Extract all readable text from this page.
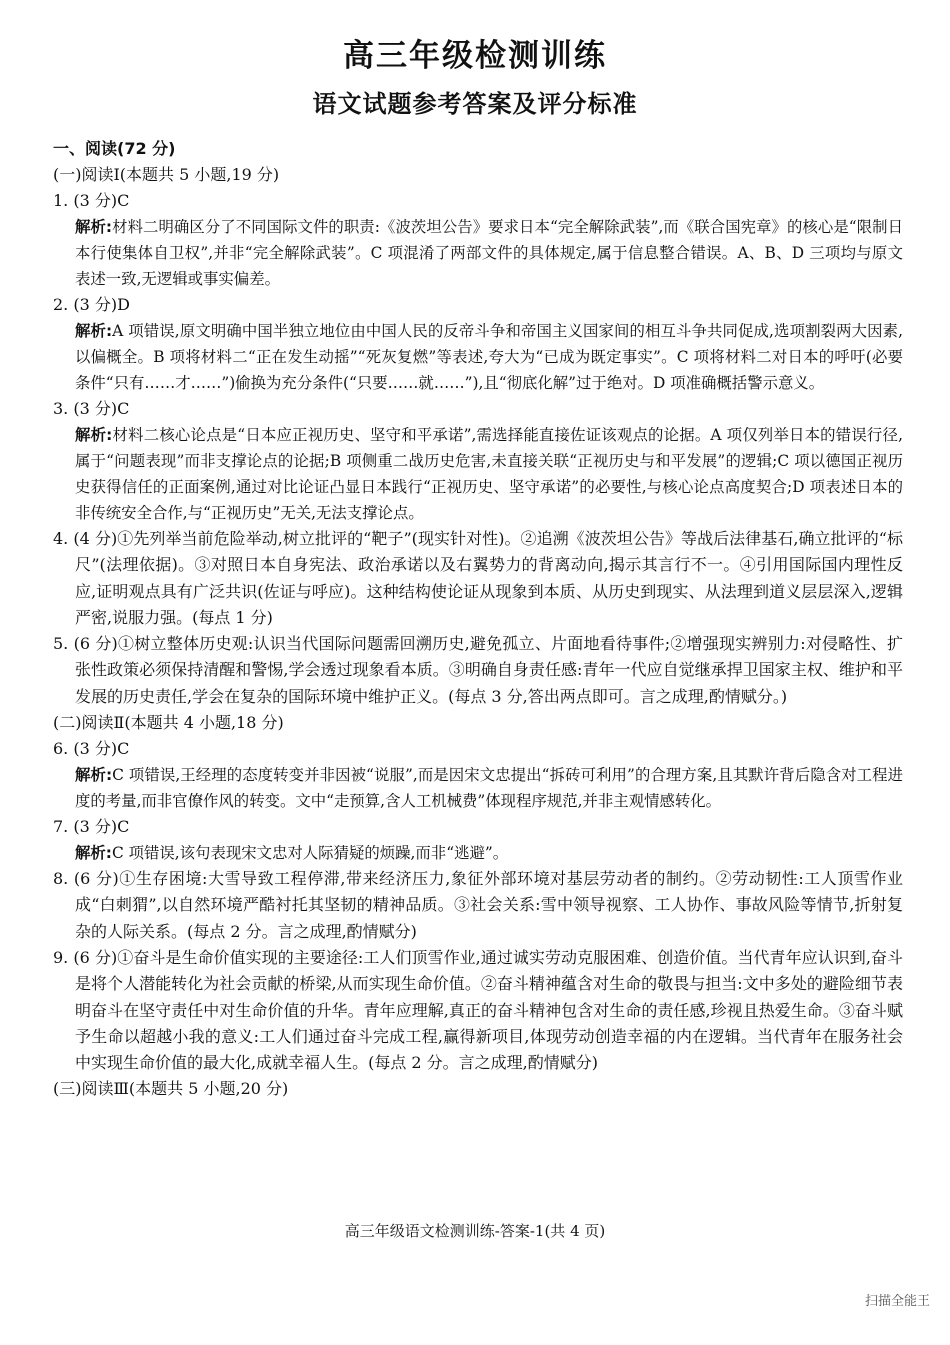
高三年级检测训练
语文试题参考答案及评分标准

一、阅读(72 分)

(一)阅读Ⅰ(本题共 5 小题,19 分)

1. (3 分)C

解析:材料二明确区分了不同国际文件的职责:《波茨坦公告》要求日本“完全解除武装”,而《联合国宪章》的核心是“限制日本行使集体自卫权”,并非“完全解除武装”。C 项混淆了两部文件的具体规定,属于信息整合错误。A、B、D 三项均与原文表述一致,无逻辑或事实偏差。

2. (3 分)D

解析:A 项错误,原文明确中国半独立地位由中国人民的反帝斗争和帝国主义国家间的相互斗争共同促成,选项割裂两大因素,以偏概全。B 项将材料二“正在发生动摇”“死灰复燃”等表述,夸大为“已成为既定事实”。C 项将材料二对日本的呼吁(必要条件“只有……才……”)偷换为充分条件(“只要……就……”),且“彻底化解”过于绝对。D 项准确概括警示意义。

3. (3 分)C

解析:材料二核心论点是“日本应正视历史、坚守和平承诺”,需选择能直接佐证该观点的论据。A 项仅列举日本的错误行径,属于“问题表现”而非支撑论点的论据;B 项侧重二战历史危害,未直接关联“正视历史与和平发展”的逻辑;C 项以德国正视历史获得信任的正面案例,通过对比论证凸显日本践行“正视历史、坚守承诺”的必要性,与核心论点高度契合;D 项表述日本的非传统安全合作,与“正视历史”无关,无法支撑论点。

4. (4 分)①先列举当前危险举动,树立批评的“靶子”(现实针对性)。②追溯《波茨坦公告》等战后法律基石,确立批评的“标尺”(法理依据)。③对照日本自身宪法、政治承诺以及右翼势力的背离动向,揭示其言行不一。④引用国际国内理性反应,证明观点具有广泛共识(佐证与呼应)。这种结构使论证从现象到本质、从历史到现实、从法理到道义层层深入,逻辑严密,说服力强。(每点 1 分)

5. (6 分)①树立整体历史观:认识当代国际问题需回溯历史,避免孤立、片面地看待事件;②增强现实辨别力:对侵略性、扩张性政策必须保持清醒和警惕,学会透过现象看本质。③明确自身责任感:青年一代应自觉继承捍卫国家主权、维护和平发展的历史责任,学会在复杂的国际环境中维护正义。(每点 3 分,答出两点即可。言之成理,酌情赋分。)

(二)阅读Ⅱ(本题共 4 小题,18 分)

6. (3 分)C

解析:C 项错误,王经理的态度转变并非因被“说服”,而是因宋文忠提出“拆砖可利用”的合理方案,且其默许背后隐含对工程进度的考量,而非官僚作风的转变。文中“走预算,含人工机械费”体现程序规范,并非主观情感转化。

7. (3 分)C

解析:C 项错误,该句表现宋文忠对人际猜疑的烦躁,而非“逃避”。

8. (6 分)①生存困境:大雪导致工程停滞,带来经济压力,象征外部环境对基层劳动者的制约。②劳动韧性:工人顶雪作业成“白刺猬”,以自然环境严酷衬托其坚韧的精神品质。③社会关系:雪中领导视察、工人协作、事故风险等情节,折射复杂的人际关系。(每点 2 分。言之成理,酌情赋分)

9. (6 分)①奋斗是生命价值实现的主要途径:工人们顶雪作业,通过诚实劳动克服困难、创造价值。当代青年应认识到,奋斗是将个人潜能转化为社会贡献的桥梁,从而实现生命价值。②奋斗精神蕴含对生命的敬畏与担当:文中多处的避险细节表明奋斗在坚守责任中对生命价值的升华。青年应理解,真正的奋斗精神包含对生命的责任感,珍视且热爱生命。③奋斗赋予生命以超越小我的意义:工人们通过奋斗完成工程,赢得新项目,体现劳动创造幸福的内在逻辑。当代青年在服务社会中实现生命价值的最大化,成就幸福人生。(每点 2 分。言之成理,酌情赋分)

(三)阅读Ⅲ(本题共 5 小题,20 分)

高三年级语文检测训练-答案-1(共 4 页)

扫描全能王
